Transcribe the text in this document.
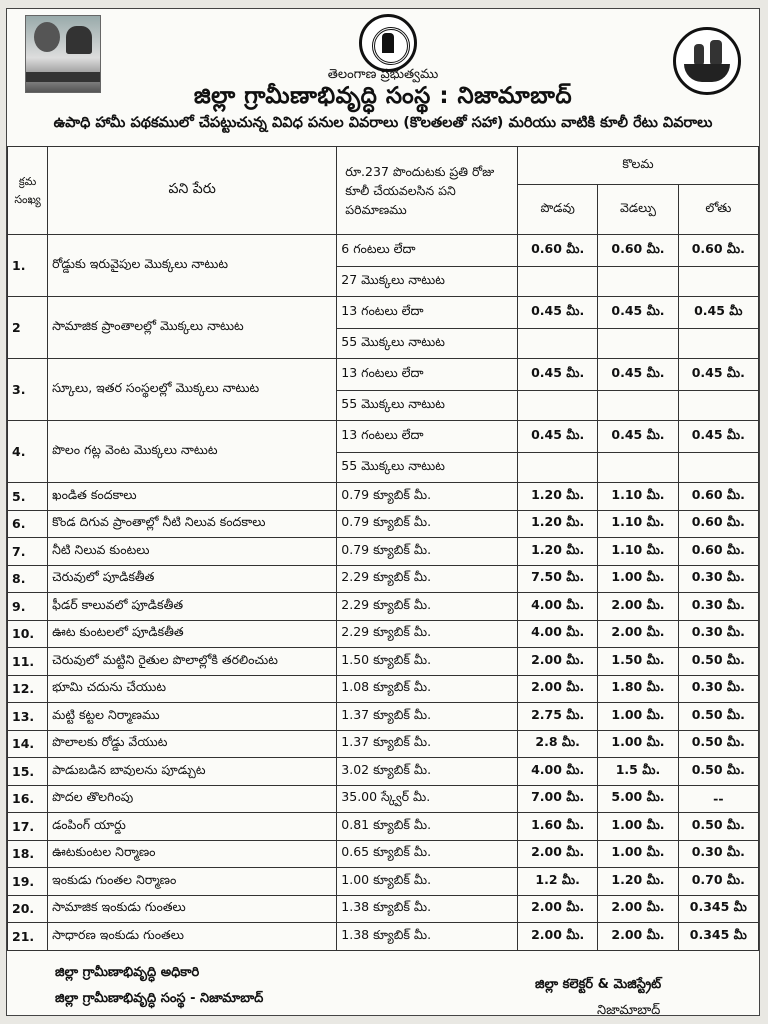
తెలంగాణ ప్రభుత్వము
జిల్లా గ్రామీణాభివృద్ధి సంస్థ : నిజామాబాద్
ఉపాధి హామీ పథకములో చేపట్టుచున్న వివిధ పనుల వివరాలు (కొలతలతో సహా) మరియు వాటికి కూలీ రేటు వివరాలు
క్రమ సంఖ్య	పని పేరు	రూ.237 పొందుటకు ప్రతి రోజు కూలీ చేయవలసిన పని పరిమాణము	కొలమ		
			పొడవు	వెడల్పు	లోతు
1.	రోడ్డుకు ఇరువైపుల మొక్కలు నాటుట	6 గంటలు లేదా	0.60 మీ.	0.60 మీ.	0.60 మీ.
		27 మొక్కలు నాటుట			
2	సామాజిక ప్రాంతాలల్లో మొక్కలు నాటుట	13 గంటలు లేదా	0.45 మీ.	0.45 మీ.	0.45 మీ
		55 మొక్కలు నాటుట			
3.	స్కూలు, ఇతర సంస్థలల్లో మొక్కలు నాటుట	13 గంటలు లేదా	0.45 మీ.	0.45 మీ.	0.45 మీ.
		55 మొక్కలు నాటుట			
4.	పొలం గట్ల వెంట మొక్కలు నాటుట	13 గంటలు లేదా	0.45 మీ.	0.45 మీ.	0.45 మీ.
		55 మొక్కలు నాటుట			
5.	ఖండిత కందకాలు	0.79 క్యూబిక్ మీ.	1.20 మీ.	1.10 మీ.	0.60 మీ.
6.	కొండ దిగువ ప్రాంతాల్లో నీటి నిలువ కందకాలు	0.79 క్యూబిక్ మీ.	1.20 మీ.	1.10 మీ.	0.60 మీ.
7.	నీటి నిలువ కుంటలు	0.79 క్యూబిక్ మీ.	1.20 మీ.	1.10 మీ.	0.60 మీ.
8.	చెరువులో పూడికతీత	2.29 క్యూబిక్ మీ.	7.50 మీ.	1.00 మీ.	0.30 మీ.
9.	ఫీడర్ కాలువలో పూడికతీత	2.29 క్యూబిక్ మీ.	4.00 మీ.	2.00 మీ.	0.30 మీ.
10.	ఊట కుంటలలో పూడికతీత	2.29 క్యూబిక్ మీ.	4.00 మీ.	2.00 మీ.	0.30 మీ.
11.	చెరువులో మట్టిని రైతుల పొలాల్లోకి తరలించుట	1.50 క్యూబిక్ మీ.	2.00 మీ.	1.50 మీ.	0.50 మీ.
12.	భూమి చదును చేయుట	1.08 క్యూబిక్ మీ.	2.00 మీ.	1.80 మీ.	0.30 మీ.
13.	మట్టి కట్టల నిర్మాణము	1.37 క్యూబిక్ మీ.	2.75 మీ.	1.00 మీ.	0.50 మీ.
14.	పొలాలకు రోడ్డు వేయుట	1.37 క్యూబిక్ మీ.	2.8 మీ.	1.00 మీ.	0.50 మీ.
15.	పాడుబడిన బావులను పూడ్చుట	3.02 క్యూబిక్ మీ.	4.00 మీ.	1.5 మీ.	0.50 మీ.
16.	పొదల తొలగింపు	35.00 స్క్వేర్ మీ.	7.00 మీ.	5.00 మీ.	--
17.	డంపింగ్ యార్డు	0.81 క్యూబిక్ మీ.	1.60 మీ.	1.00 మీ.	0.50 మీ.
18.	ఊటకుంటల నిర్మాణం	0.65 క్యూబిక్ మీ.	2.00 మీ.	1.00 మీ.	0.30 మీ.
19.	ఇంకుడు గుంతల నిర్మాణం	1.00 క్యూబిక్ మీ.	1.2 మీ.	1.20 మీ.	0.70 మీ.
20.	సామాజిక ఇంకుడు గుంతలు	1.38 క్యూబిక్ మీ.	2.00 మీ.	2.00 మీ.	0.345 మీ
21.	సాధారణ ఇంకుడు గుంతలు	1.38 క్యూబిక్ మీ.	2.00 మీ.	2.00 మీ.	0.345 మీ
జిల్లా గ్రామీణాభివృద్ధి అధికారి
జిల్లా గ్రామీణాభివృద్ధి సంస్థ - నిజామాబాద్
జిల్లా కలెక్టర్ & మెజిస్ట్రేట్
నిజామాబాద్
